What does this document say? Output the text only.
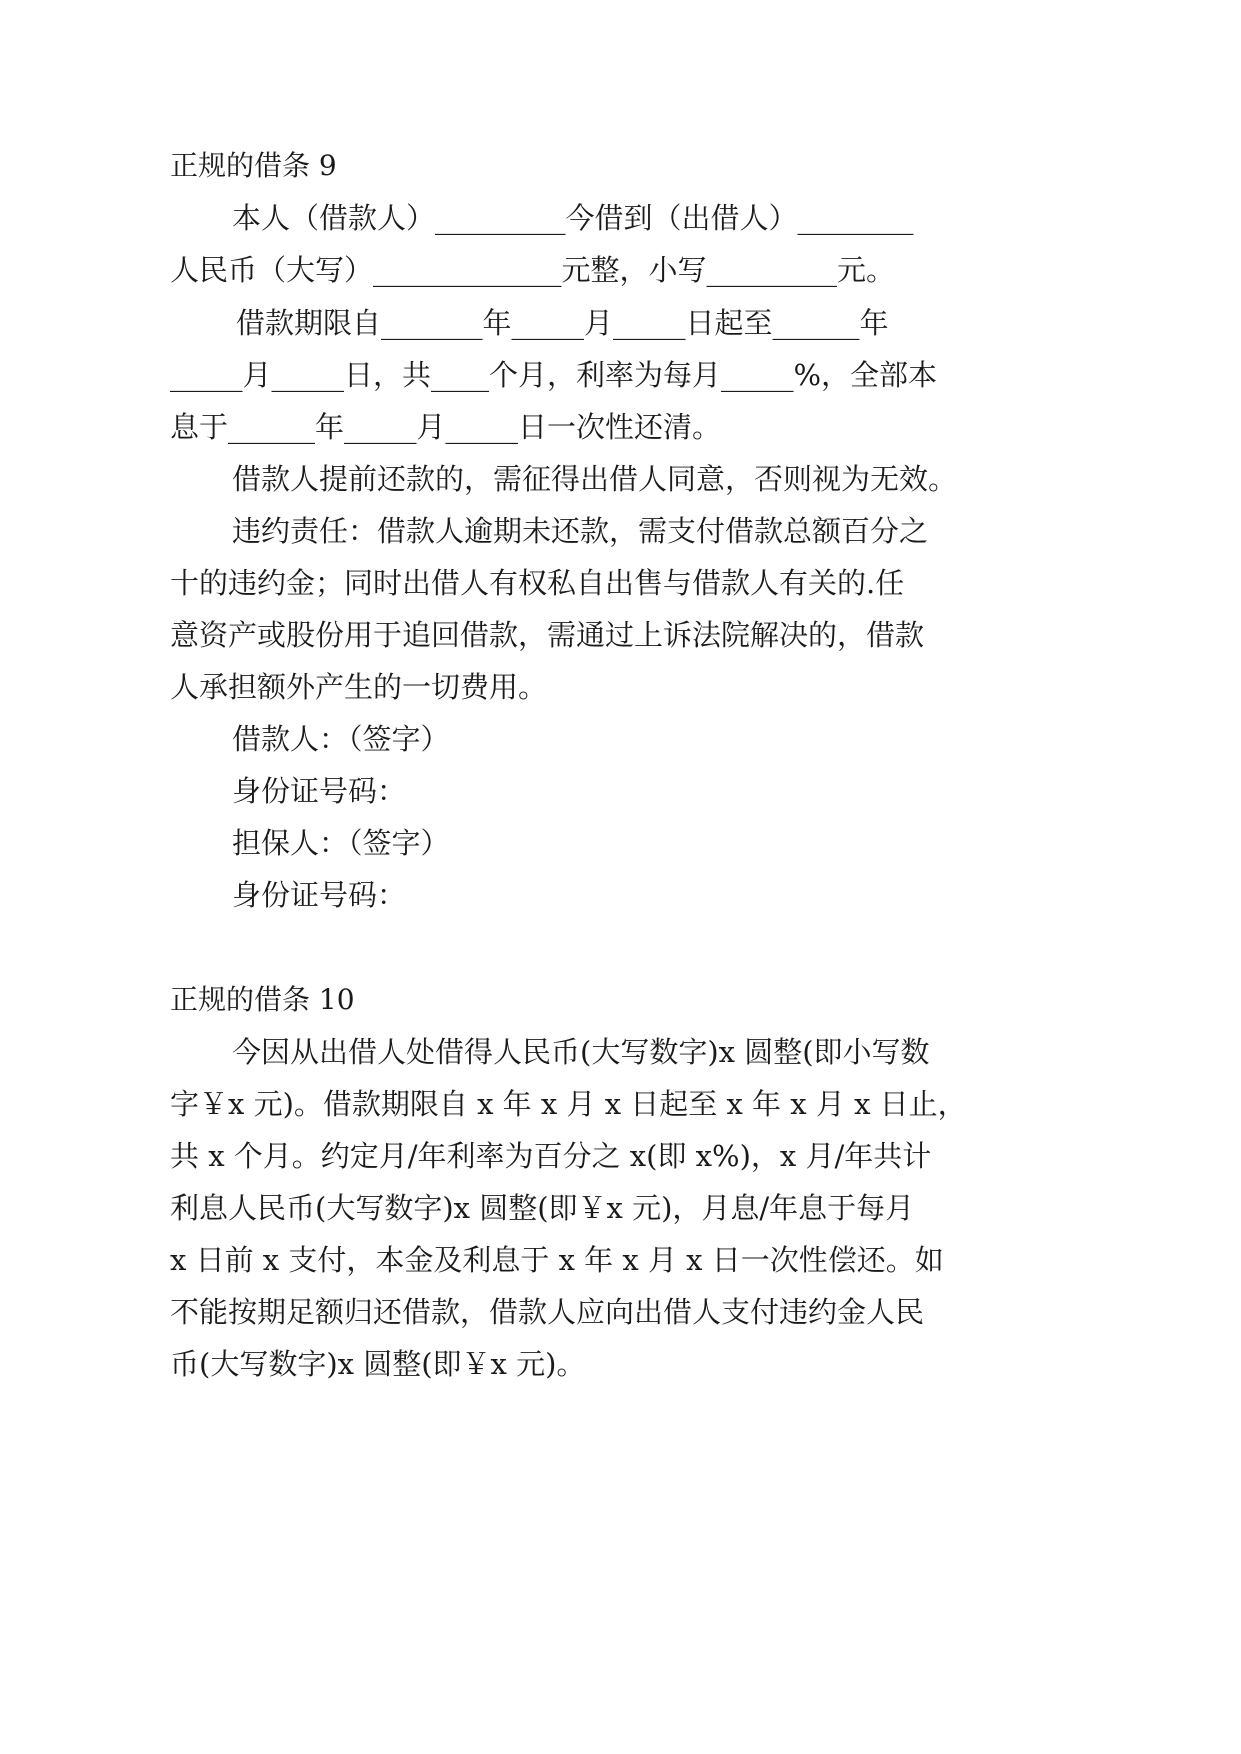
正规的借条 9

本人（借款人）_________今借到（出借人）________

人民币（大写）_____________元整，小写_________元。

借款期限自_______年_____月_____日起至______年

_____月_____日，共____个月，利率为每月_____%，全部本

息于______年_____月_____日一次性还清。

借款人提前还款的，需征得出借人同意，否则视为无效。

违约责任：借款人逾期未还款，需支付借款总额百分之

十的违约金；同时出借人有权私自出售与借款人有关的.任

意资产或股份用于追回借款，需通过上诉法院解决的，借款

人承担额外产生的一切费用。

借款人：（签字）

身份证号码：

担保人：（签字）

身份证号码：

正规的借条 10

今因从出借人处借得人民币(大写数字)x 圆整(即小写数

字￥x 元)。借款期限自 x 年 x 月 x 日起至 x 年 x 月 x 日止，

共 x 个月。约定月/年利率为百分之 x(即 x%)，x 月/年共计

利息人民币(大写数字)x 圆整(即￥x 元)，月息/年息于每月

x 日前 x 支付，本金及利息于 x 年 x 月 x 日一次性偿还。如

不能按期足额归还借款，借款人应向出借人支付违约金人民

币(大写数字)x 圆整(即￥x 元)。
